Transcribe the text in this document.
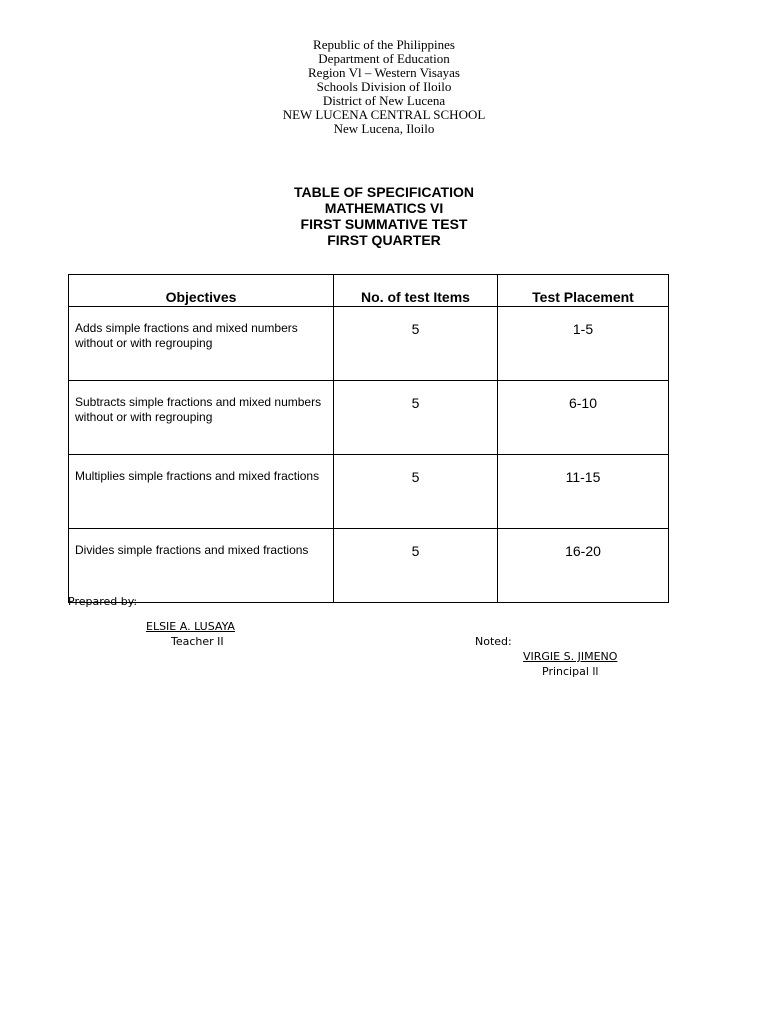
Republic of the Philippines
Department of Education
Region Vl – Western Visayas
Schools Division of Iloilo
District of New Lucena
NEW LUCENA CENTRAL SCHOOL
New Lucena, Iloilo
TABLE OF SPECIFICATION
MATHEMATICS VI
FIRST SUMMATIVE TEST
FIRST QUARTER
Objectives	No. of test Items	Test Placement
Adds simple fractions and mixed numbers without or with regrouping	5	1-5
Subtracts simple fractions and mixed numbers without or with regrouping	5	6-10
Multiplies simple fractions and mixed fractions	5	11-15
Divides simple fractions and mixed fractions	5	16-20
Prepared by:
ELSIE A. LUSAYA
Teacher II	Noted:
VIRGIE S. JIMENO
Principal ll
